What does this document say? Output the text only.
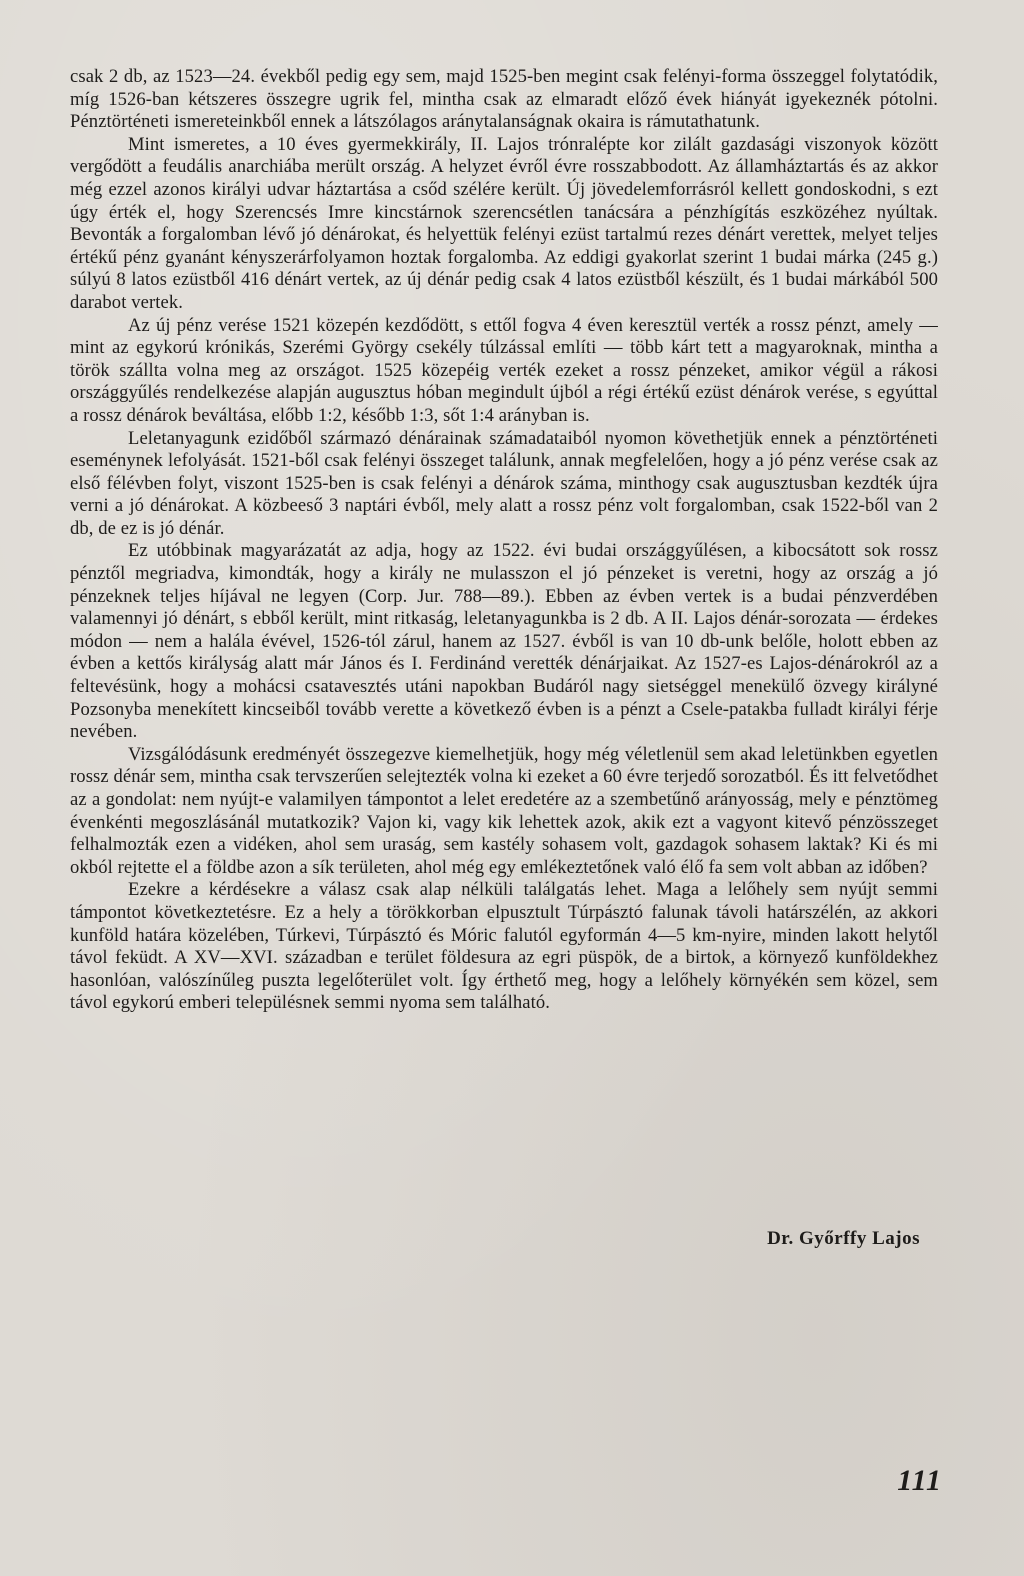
csak 2 db, az 1523—24. évekből pedig egy sem, majd 1525-ben megint csak felényi-forma összeggel folytatódik, míg 1526-ban kétszeres összegre ugrik fel, mintha csak az elmaradt előző évek hiányát igyekeznék pótolni. Pénztörténeti ismereteinkből ennek a látszólagos aránytalanságnak okaira is rámutathatunk.

Mint ismeretes, a 10 éves gyermekkirály, II. Lajos trónralépte kor zilált gazdasági viszonyok között vergődött a feudális anarchiába merült ország. A helyzet évről évre rosszabbodott. Az államháztartás és az akkor még ezzel azonos királyi udvar háztartása a csőd szélére került. Új jövedelemforrásról kellett gondoskodni, s ezt úgy érték el, hogy Szerencsés Imre kincstárnok szerencsétlen tanácsára a pénzhígítás eszközéhez nyúltak. Bevonták a forgalomban lévő jó dénárokat, és helyettük felényi ezüst tartalmú rezes dénárt verettek, melyet teljes értékű pénz gyanánt kényszerárfolyamon hoztak forgalomba. Az eddigi gyakorlat szerint 1 budai márka (245 g.) súlyú 8 latos ezüstből 416 dénárt vertek, az új dénár pedig csak 4 latos ezüstből készült, és 1 budai márkából 500 darabot vertek.

Az új pénz verése 1521 közepén kezdődött, s ettől fogva 4 éven keresztül verték a rossz pénzt, amely — mint az egykorú krónikás, Szerémi György csekély túlzással említi — több kárt tett a magyaroknak, mintha a török szállta volna meg az országot. 1525 közepéig verték ezeket a rossz pénzeket, amikor végül a rákosi országgyűlés rendelkezése alapján augusztus hóban megindult újból a régi értékű ezüst dénárok verése, s egyúttal a rossz dénárok beváltása, előbb 1:2, később 1:3, sőt 1:4 arányban is.

Leletanyagunk ezidőből származó dénárainak számadataiból nyomon követhetjük ennek a pénztörténeti eseménynek lefolyását. 1521-ből csak felényi összeget találunk, annak megfelelően, hogy a jó pénz verése csak az első félévben folyt, viszont 1525-ben is csak felényi a dénárok száma, minthogy csak augusztusban kezdték újra verni a jó dénárokat. A közbeeső 3 naptári évből, mely alatt a rossz pénz volt forgalomban, csak 1522-ből van 2 db, de ez is jó dénár.

Ez utóbbinak magyarázatát az adja, hogy az 1522. évi budai országgyűlésen, a kibocsátott sok rossz pénztől megriadva, kimondták, hogy a király ne mulasszon el jó pénzeket is veretni, hogy az ország a jó pénzeknek teljes híjával ne legyen (Corp. Jur. 788—89.). Ebben az évben vertek is a budai pénzverdében valamennyi jó dénárt, s ebből került, mint ritkaság, leletanyagunkba is 2 db. A II. Lajos dénár-sorozata — érdekes módon — nem a halála évével, 1526-tól zárul, hanem az 1527. évből is van 10 db-unk belőle, holott ebben az évben a kettős királyság alatt már János és I. Ferdinánd verették dénárjaikat. Az 1527-es Lajos-dénárokról az a feltevésünk, hogy a mohácsi csatavesztés utáni napokban Budáról nagy sietséggel menekülő özvegy királyné Pozsonyba menekített kincseiből tovább verette a következő évben is a pénzt a Csele-patakba fulladt királyi férje nevében.

Vizsgálódásunk eredményét összegezve kiemelhetjük, hogy még véletlenül sem akad leletünkben egyetlen rossz dénár sem, mintha csak tervszerűen selejtezték volna ki ezeket a 60 évre terjedő sorozatból. És itt felvetődhet az a gondolat: nem nyújt-e valamilyen támpontot a lelet eredetére az a szembetűnő arányosság, mely e pénztömeg évenkénti megoszlásánál mutatkozik? Vajon ki, vagy kik lehettek azok, akik ezt a vagyont kitevő pénzösszeget felhalmozták ezen a vidéken, ahol sem uraság, sem kastély sohasem volt, gazdagok sohasem laktak? Ki és mi okból rejtette el a földbe azon a sík területen, ahol még egy emlékeztetőnek való élő fa sem volt abban az időben?

Ezekre a kérdésekre a válasz csak alap nélküli találgatás lehet. Maga a lelőhely sem nyújt semmi támpontot következtetésre. Ez a hely a törökkorban elpusztult Túrpásztó falunak távoli határszélén, az akkori kunföld határa közelében, Túrkevi, Túrpásztó és Móric falutól egyformán 4—5 km-nyire, minden lakott helytől távol feküdt. A XV—XVI. században e terület földesura az egri püspök, de a birtok, a környező kunföldekhez hasonlóan, valószínűleg puszta legelőterület volt. Így érthető meg, hogy a lelőhely környékén sem közel, sem távol egykorú emberi településnek semmi nyoma sem található.

Dr. Győrffy Lajos
111
